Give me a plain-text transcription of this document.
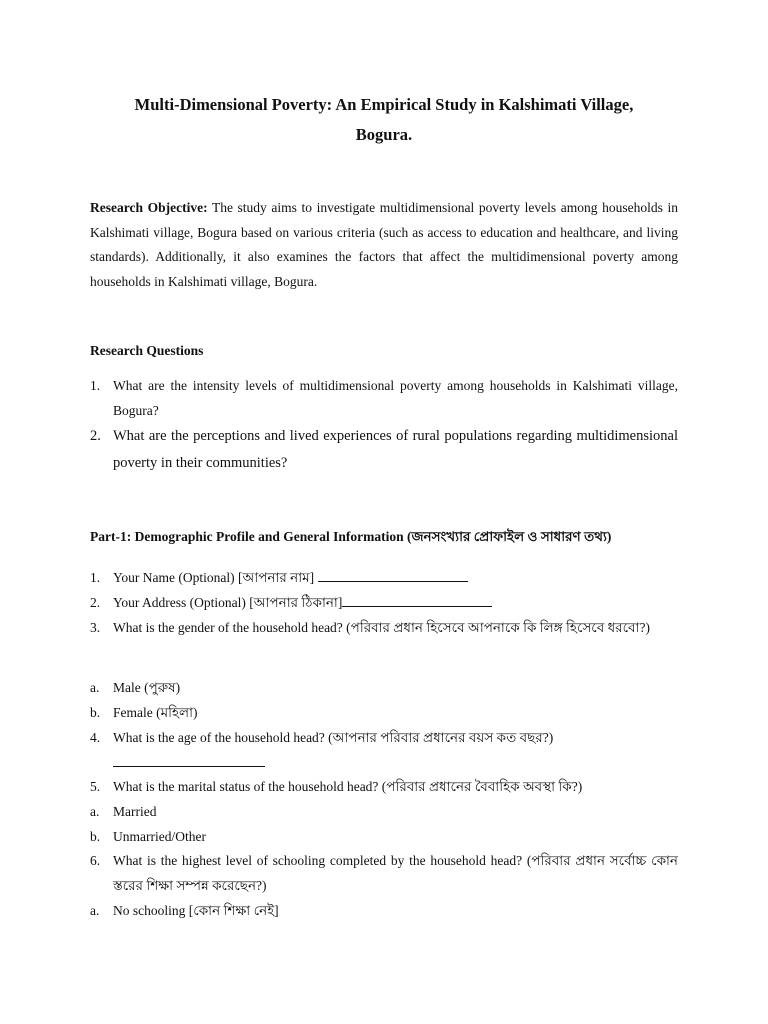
Multi-Dimensional Poverty: An Empirical Study in Kalshimati Village,
Bogura.
Research Objective: The study aims to investigate multidimensional poverty levels among households in Kalshimati village, Bogura based on various criteria (such as access to education and healthcare, and living standards). Additionally, it also examines the factors that affect the multidimensional poverty among households in Kalshimati village, Bogura.
Research Questions
1. What are the intensity levels of multidimensional poverty among households in Kalshimati village, Bogura?
2. What are the perceptions and lived experiences of rural populations regarding multidimensional poverty in their communities?
Part-1: Demographic Profile and General Information (জনসংখ্যার প্রোফাইল ও সাধারণ তথ্য)
1. Your Name (Optional) [আপনার নাম]
2. Your Address (Optional) [আপনার ঠিকানা]
3. What is the gender of the household head? (পরিবার প্রধান হিসেবে আপনাকে কি লিঙ্গ হিসেবে ধরবো?)
a. Male (পুরুষ)
b. Female (মহিলা)
4. What is the age of the household head? (আপনার পরিবার প্রধানের বয়স কত বছর?)
5. What is the marital status of the household head? (পরিবার প্রধানের বৈবাহিক অবস্থা কি?)
a. Married
b. Unmarried/Other
6. What is the highest level of schooling completed by the household head? (পরিবার প্রধান সর্বোচ্চ কোন স্তরের শিক্ষা সম্পন্ন করেছেন?)
a. No schooling [কোন শিক্ষা নেই]
